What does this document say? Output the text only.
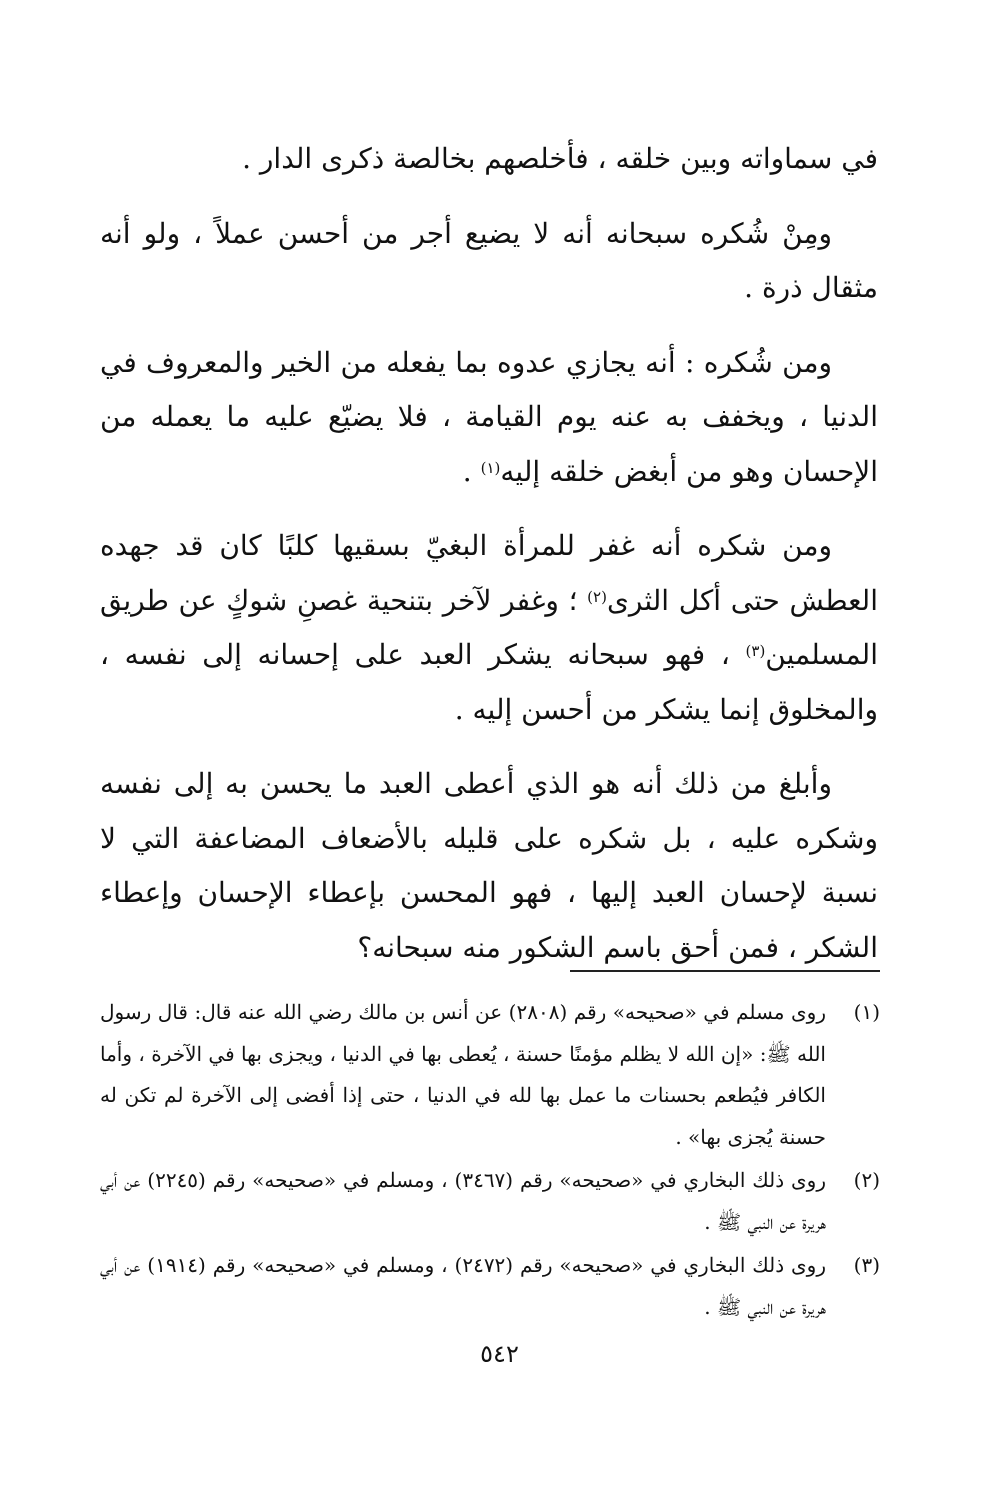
في سماواته وبين خلقه ، فأخلصهم بخالصة ذكرى الدار .

ومِنْ شُكره سبحانه أنه لا يضيع أجر من أحسن عملاً ، ولو أنه مثقال ذرة .

ومن شُكره : أنه يجازي عدوه بما يفعله من الخير والمعروف في الدنيا ، ويخفف به عنه يوم القيامة ، فلا يضيّع عليه ما يعمله من الإحسان وهو من أبغض خلقه إليه$^{(١)}$ .

ومن شكره أنه غفر للمرأة البغيّ بسقيها كلبًا كان قد جهده العطش حتى أكل الثرى$^{(٢)}$ ؛ وغفر لآخر بتنحية غصنِ شوكٍ عن طريق المسلمين$^{(٣)}$ ، فهو سبحانه يشكر العبد على إحسانه إلى نفسه ، والمخلوق إنما يشكر من أحسن إليه .

وأبلغ من ذلك أنه هو الذي أعطى العبد ما يحسن به إلى نفسه وشكره عليه ، بل شكره على قليله بالأضعاف المضاعفة التي لا نسبة لإحسان العبد إليها ، فهو المحسن بإعطاء الإحسان وإعطاء الشكر ، فمن أحق باسم الشكور منه سبحانه؟

(١)
روى مسلم في «صحيحه» رقم (٢٨٠٨) عن أنس بن مالك رضي الله عنه قال: قال رسول الله ﷺ: «إن الله لا يظلم مؤمنًا حسنة ، يُعطى بها في الدنيا ، ويجزى بها في الآخرة ، وأما الكافر فيُطعم بحسنات ما عمل بها لله في الدنيا ، حتى إذا أفضى إلى الآخرة لم تكن له حسنة يُجزى بها» .
(٢)
روى ذلك البخاري في «صحيحه» رقم (٣٤٦٧) ، ومسلم في «صحيحه» رقم (٢٢٤٥) عن أبي هريرة عن النبي ﷺ .
(٣)
روى ذلك البخاري في «صحيحه» رقم (٢٤٧٢) ، ومسلم في «صحيحه» رقم (١٩١٤) عن أبي هريرة عن النبي ﷺ .
٥٤٢
